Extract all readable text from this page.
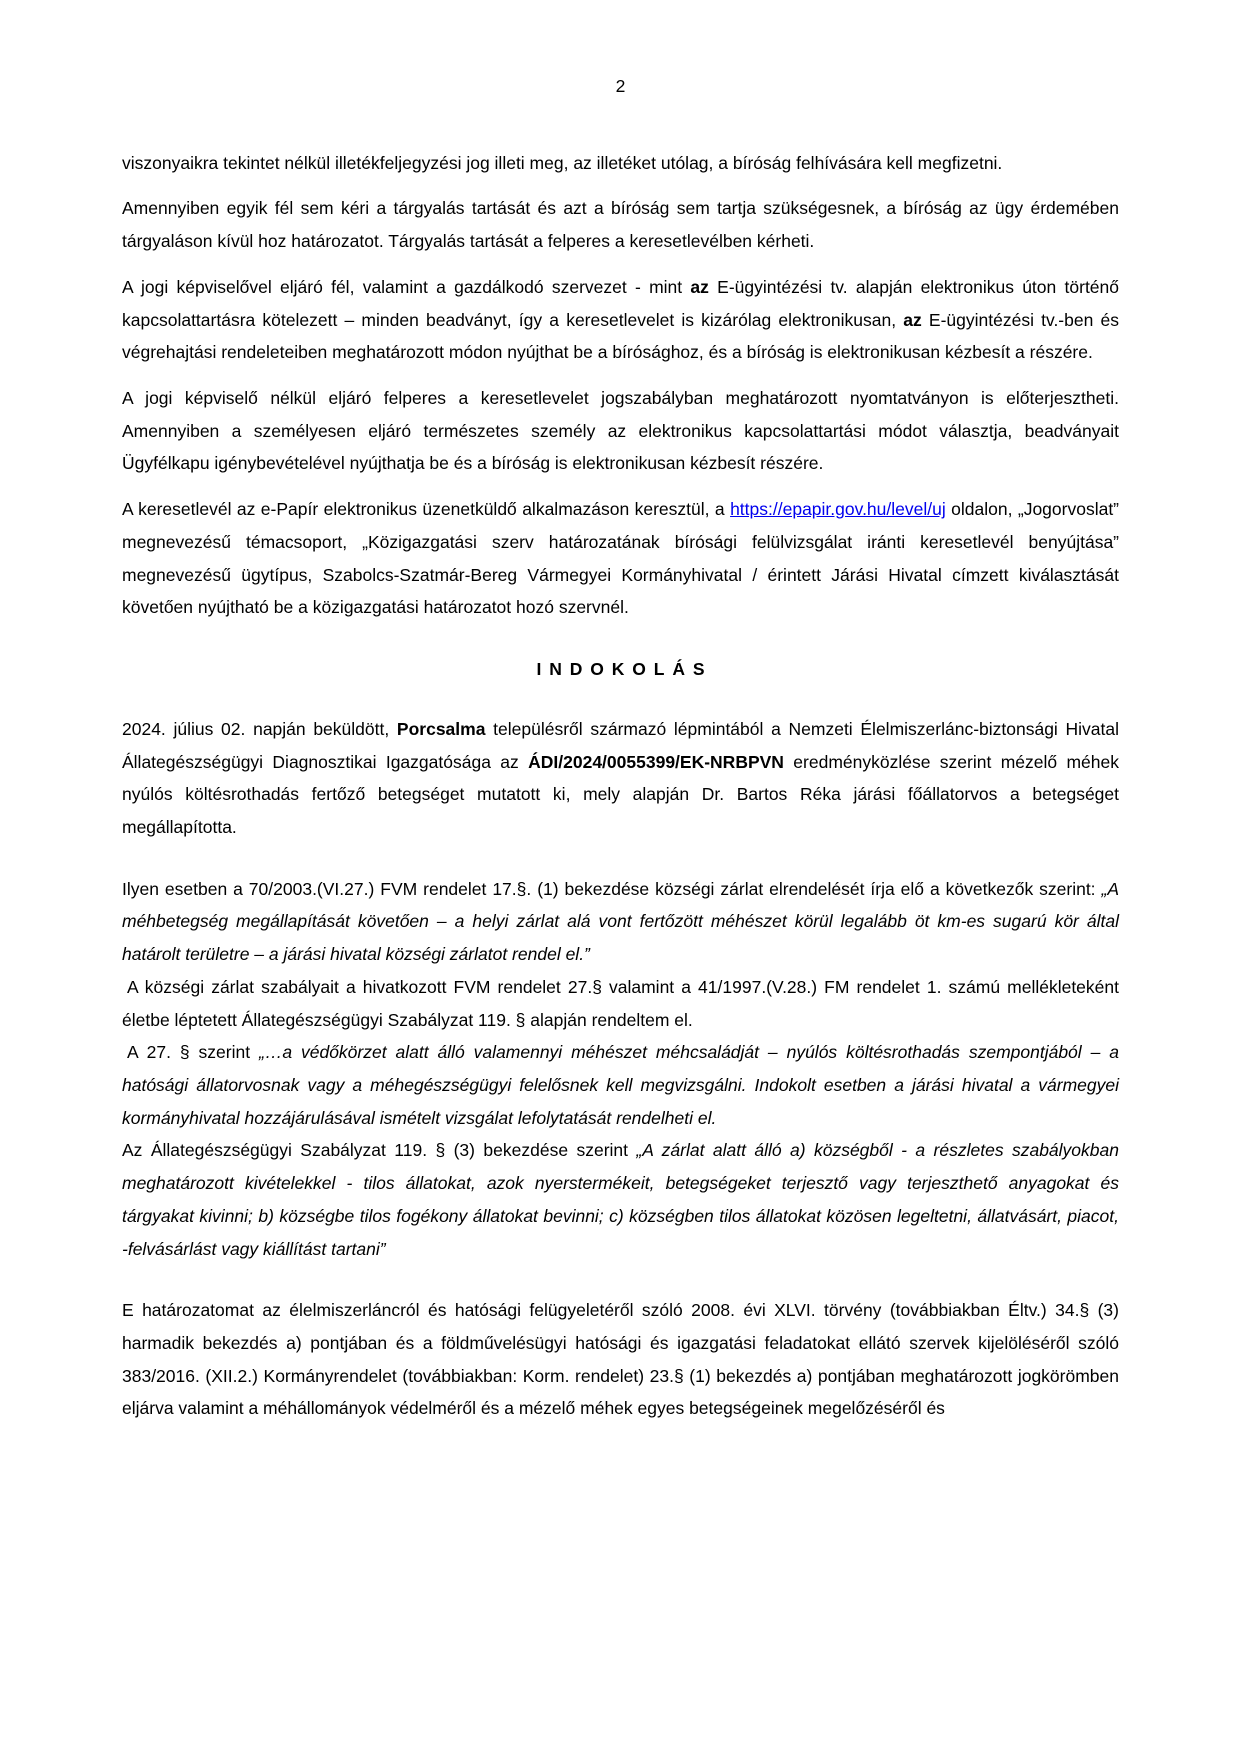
2

viszonyaikra tekintet nélkül illetékfeljegyzési jog illeti meg, az illetéket utólag, a bíróság felhívására kell megfizetni.

Amennyiben egyik fél sem kéri a tárgyalás tartását és azt a bíróság sem tartja szükségesnek, a bíróság az ügy érdemében tárgyaláson kívül hoz határozatot. Tárgyalás tartását a felperes a keresetlevélben kérheti.

A jogi képviselővel eljáró fél, valamint a gazdálkodó szervezet - mint az E-ügyintézési tv. alapján elektronikus úton történő kapcsolattartásra kötelezett – minden beadványt, így a keresetlevelet is kizárólag elektronikusan, az E-ügyintézési tv.-ben és végrehajtási rendeleteiben meghatározott módon nyújthat be a bírósághoz, és a bíróság is elektronikusan kézbesít a részére.

A jogi képviselő nélkül eljáró felperes a keresetlevelet jogszabályban meghatározott nyomtatványon is előterjesztheti. Amennyiben a személyesen eljáró természetes személy az elektronikus kapcsolattartási módot választja, beadványait Ügyfélkapu igénybevételével nyújthatja be és a bíróság is elektronikusan kézbesít részére.

A keresetlevél az e-Papír elektronikus üzenetküldő alkalmazáson keresztül, a https://epapir.gov.hu/level/uj oldalon, „Jogorvoslat” megnevezésű témacsoport, „Közigazgatási szerv határozatának bírósági felülvizsgálat iránti keresetlevél benyújtása” megnevezésű ügytípus, Szabolcs-Szatmár-Bereg Vármegyei Kormányhivatal / érintett Járási Hivatal címzett kiválasztását követően nyújtható be a közigazgatási határozatot hozó szervnél.

INDOKOLÁS

2024. július 02. napján beküldött, Porcsalma településről származó lépmintából a Nemzeti Élelmiszerlánc-biztonsági Hivatal Állategészségügyi Diagnosztikai Igazgatósága az ÁDI/2024/0055399/EK-NRBPVN eredményközlése szerint mézelő méhek nyúlós költésrothadás fertőző betegséget mutatott ki, mely alapján Dr. Bartos Réka járási főállatorvos a betegséget megállapította.

Ilyen esetben a 70/2003.(VI.27.) FVM rendelet 17.§. (1) bekezdése községi zárlat elrendelését írja elő a következők szerint: „A méhbetegség megállapítását követően – a helyi zárlat alá vont fertőzött méhészet körül legalább öt km-es sugarú kör által határolt területre – a járási hivatal községi zárlatot rendel el.”

A községi zárlat szabályait a hivatkozott FVM rendelet 27.§ valamint a 41/1997.(V.28.) FM rendelet 1. számú mellékleteként életbe léptetett Állategészségügyi Szabályzat 119. § alapján rendeltem el.

A 27. § szerint „…a védőkörzet alatt álló valamennyi méhészet méhcsaládját – nyúlós költésrothadás szempontjából – a hatósági állatorvosnak vagy a méhegészségügyi felelősnek kell megvizsgálni. Indokolt esetben a járási hivatal a vármegyei kormányhivatal hozzájárulásával ismételt vizsgálat lefolytatását rendelheti el.

Az Állategészségügyi Szabályzat 119. § (3) bekezdése szerint „A zárlat alatt álló a) községből - a részletes szabályokban meghatározott kivételekkel - tilos állatokat, azok nyerstermékeit, betegségeket terjesztő vagy terjeszthető anyagokat és tárgyakat kivinni; b) községbe tilos fogékony állatokat bevinni; c) községben tilos állatokat közösen legeltetni, állatvásárt, piacot, -felvásárlást vagy kiállítást tartani”

E határozatomat az élelmiszerláncról és hatósági felügyeletéről szóló 2008. évi XLVI. törvény (továbbiakban Éltv.) 34.§ (3) harmadik bekezdés a) pontjában és a földművelésügyi hatósági és igazgatási feladatokat ellátó szervek kijelöléséről szóló 383/2016. (XII.2.) Kormányrendelet (továbbiakban: Korm. rendelet) 23.§ (1) bekezdés a) pontjában meghatározott jogkörömben eljárva valamint a méhállományok védelméről és a mézelő méhek egyes betegségeinek megelőzéséről és
